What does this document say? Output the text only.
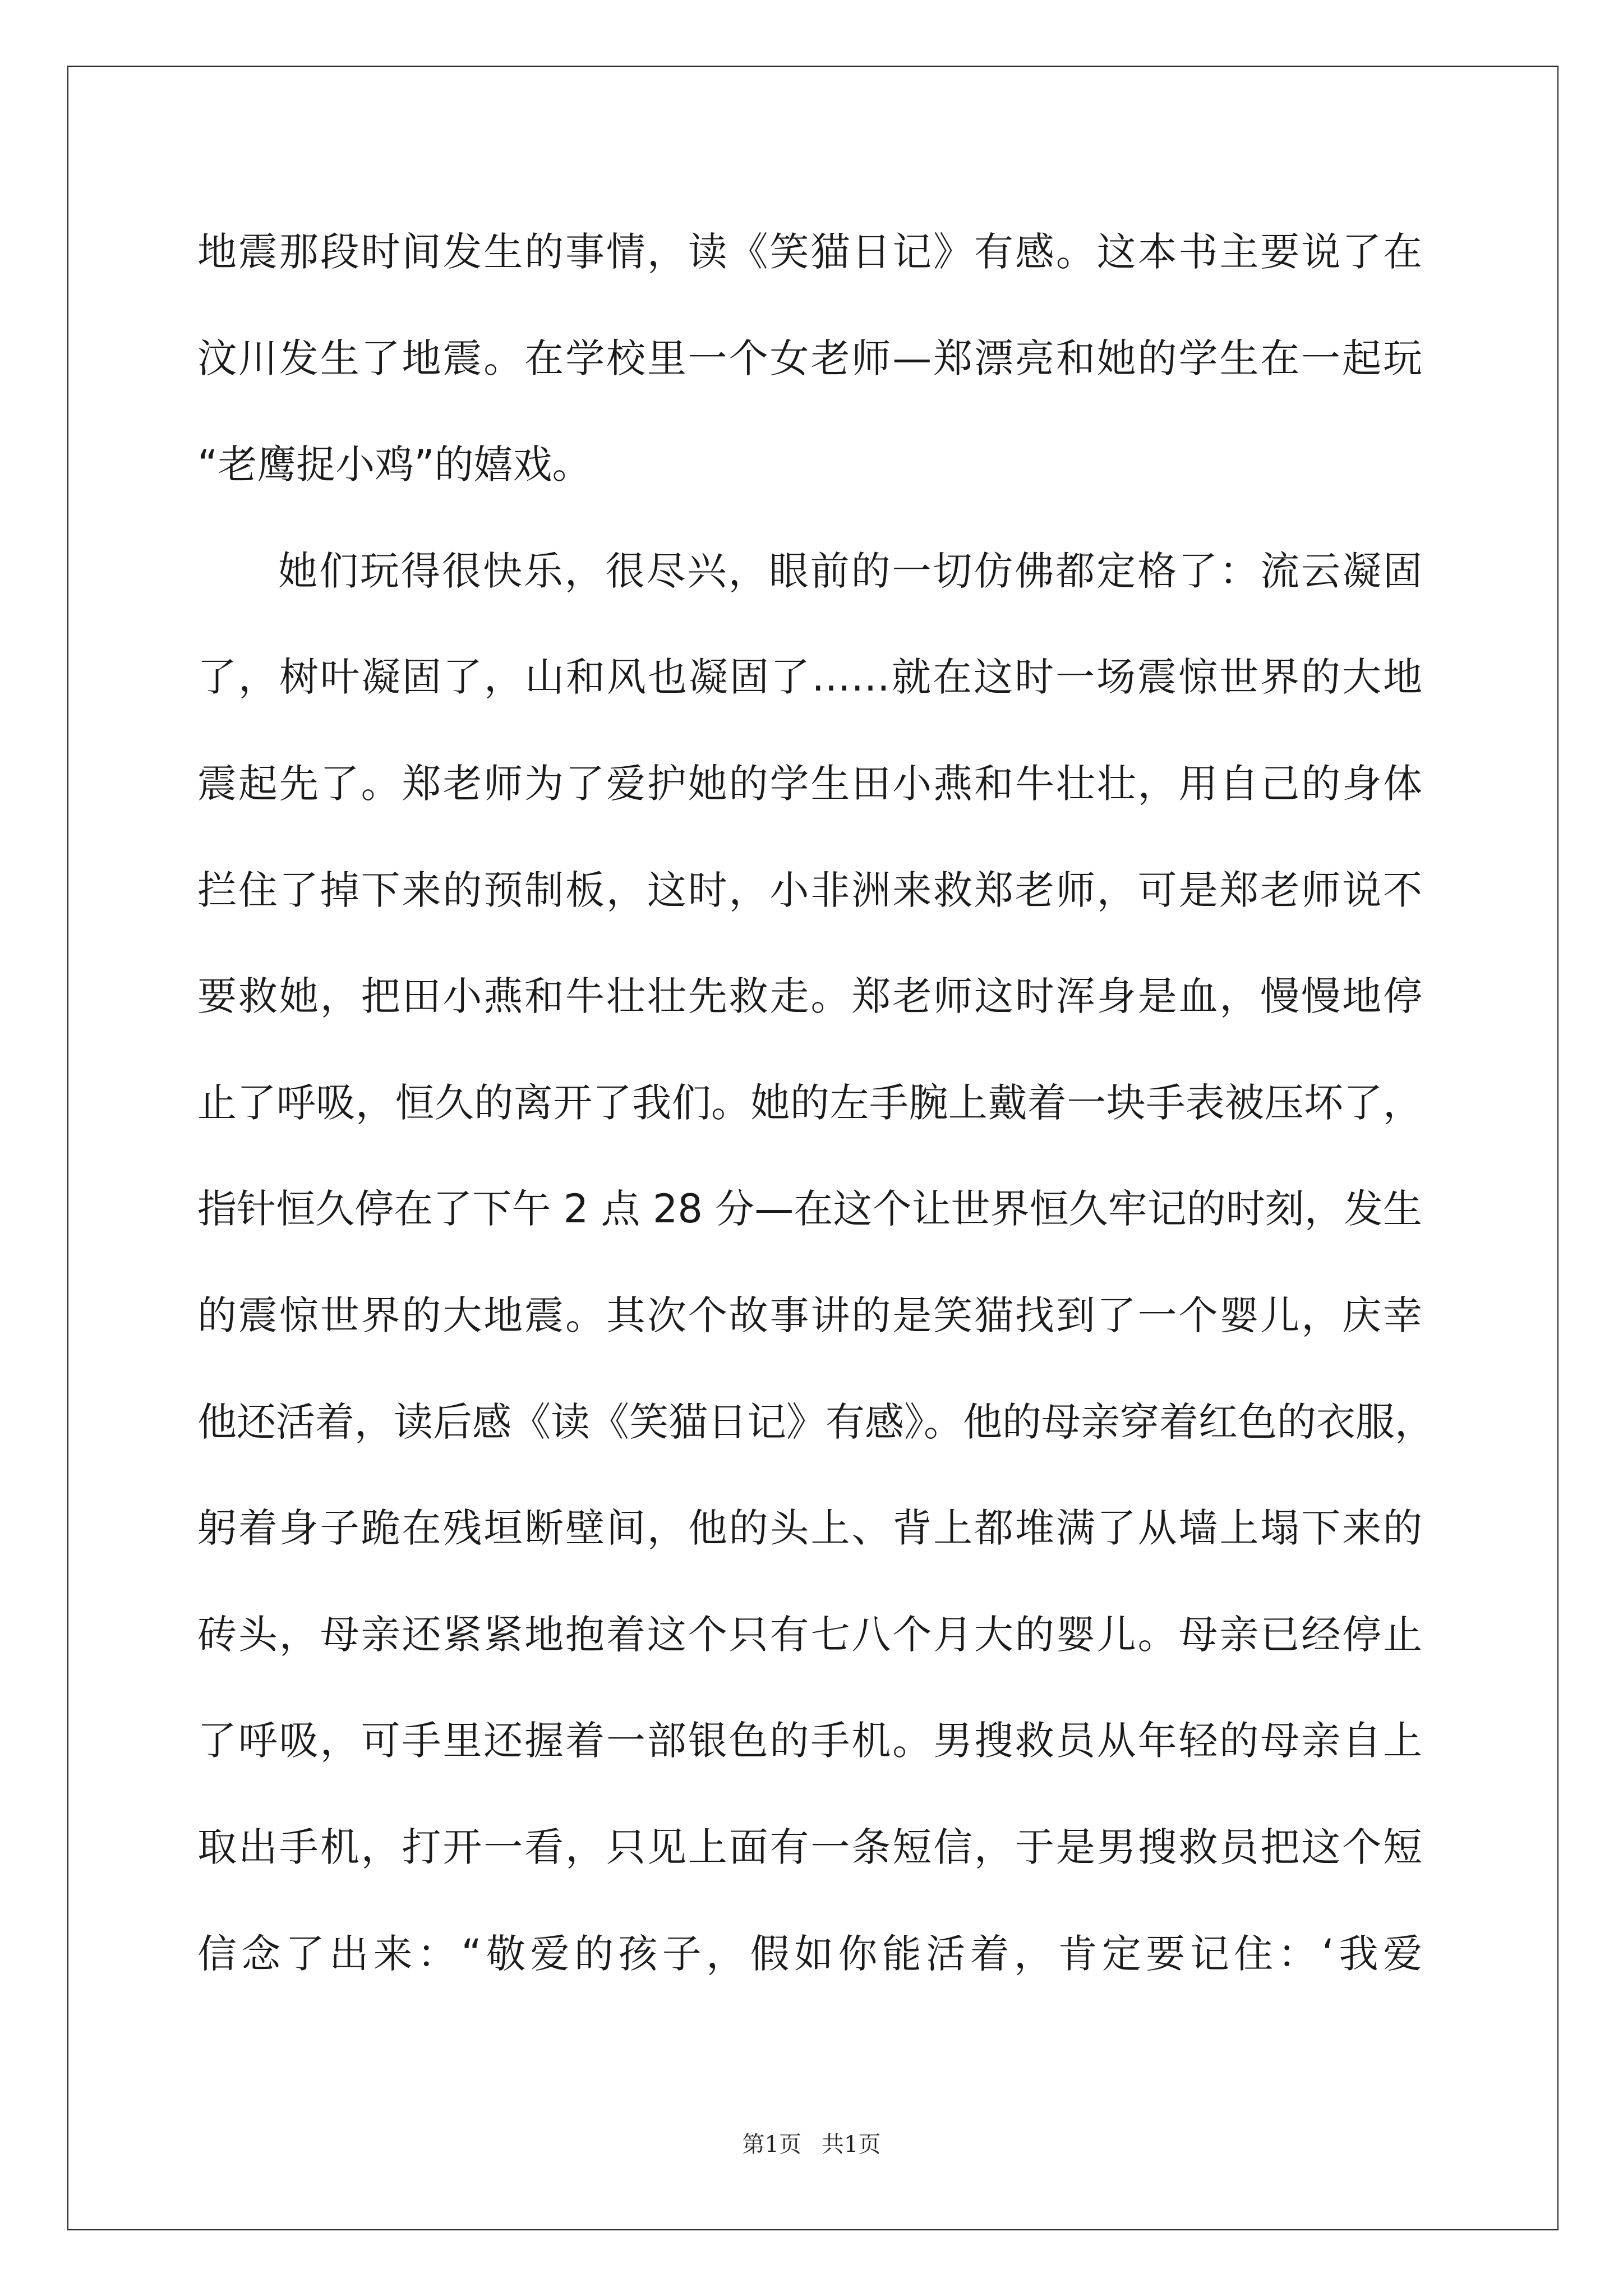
地震那段时间发生的事情，读《笑猫日记》有感。这本书主要说了在
汶川发生了地震。在学校里一个女老师—郑漂亮和她的学生在一起玩
“老鹰捉小鸡”的嬉戏。
她们玩得很快乐，很尽兴，眼前的一切仿佛都定格了：流云凝固
了，树叶凝固了，山和风也凝固了……就在这时一场震惊世界的大地
震起先了。郑老师为了爱护她的学生田小燕和牛壮壮，用自己的身体
拦住了掉下来的预制板，这时，小非洲来救郑老师，可是郑老师说不
要救她，把田小燕和牛壮壮先救走。郑老师这时浑身是血，慢慢地停
止了呼吸，恒久的离开了我们。她的左手腕上戴着一块手表被压坏了，
指针恒久停在了下午 2 点 28 分—在这个让世界恒久牢记的时刻，发生
的震惊世界的大地震。其次个故事讲的是笑猫找到了一个婴儿，庆幸
他还活着，读后感《读《笑猫日记》有感》。他的母亲穿着红色的衣服，
躬着身子跪在残垣断壁间，他的头上、背上都堆满了从墙上塌下来的
砖头，母亲还紧紧地抱着这个只有七八个月大的婴儿。母亲已经停止
了呼吸，可手里还握着一部银色的手机。男搜救员从年轻的母亲自上
取出手机，打开一看，只见上面有一条短信，于是男搜救员把这个短
信念了出来：“敬爱的孩子，假如你能活着，肯定要记住：‘我爱
第1页 共1页
